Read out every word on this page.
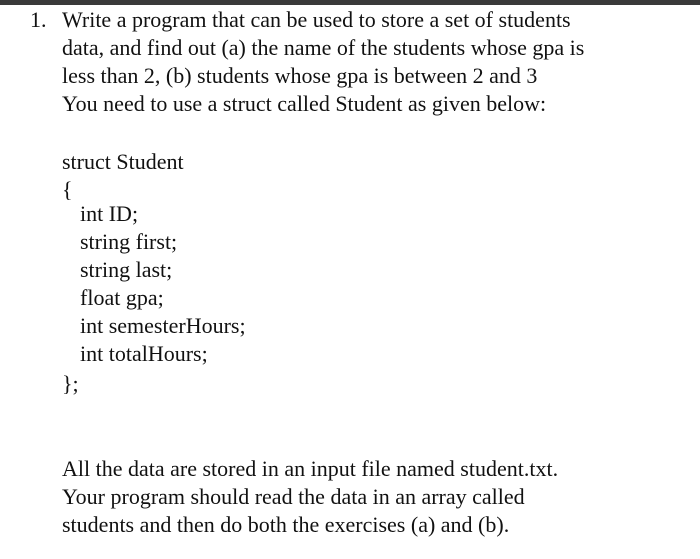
1. Write a program that can be used to store a set of students
data, and find out (a) the name of the students whose gpa is
less than 2, (b) students whose gpa is between 2 and 3
You need to use a struct called Student as given below:
struct Student
{
int ID;
string first;
string last;
float gpa;
int semesterHours;
int totalHours;
};
All the data are stored in an input file named student.txt.
Your program should read the data in an array called
students and then do both the exercises (a) and (b).
